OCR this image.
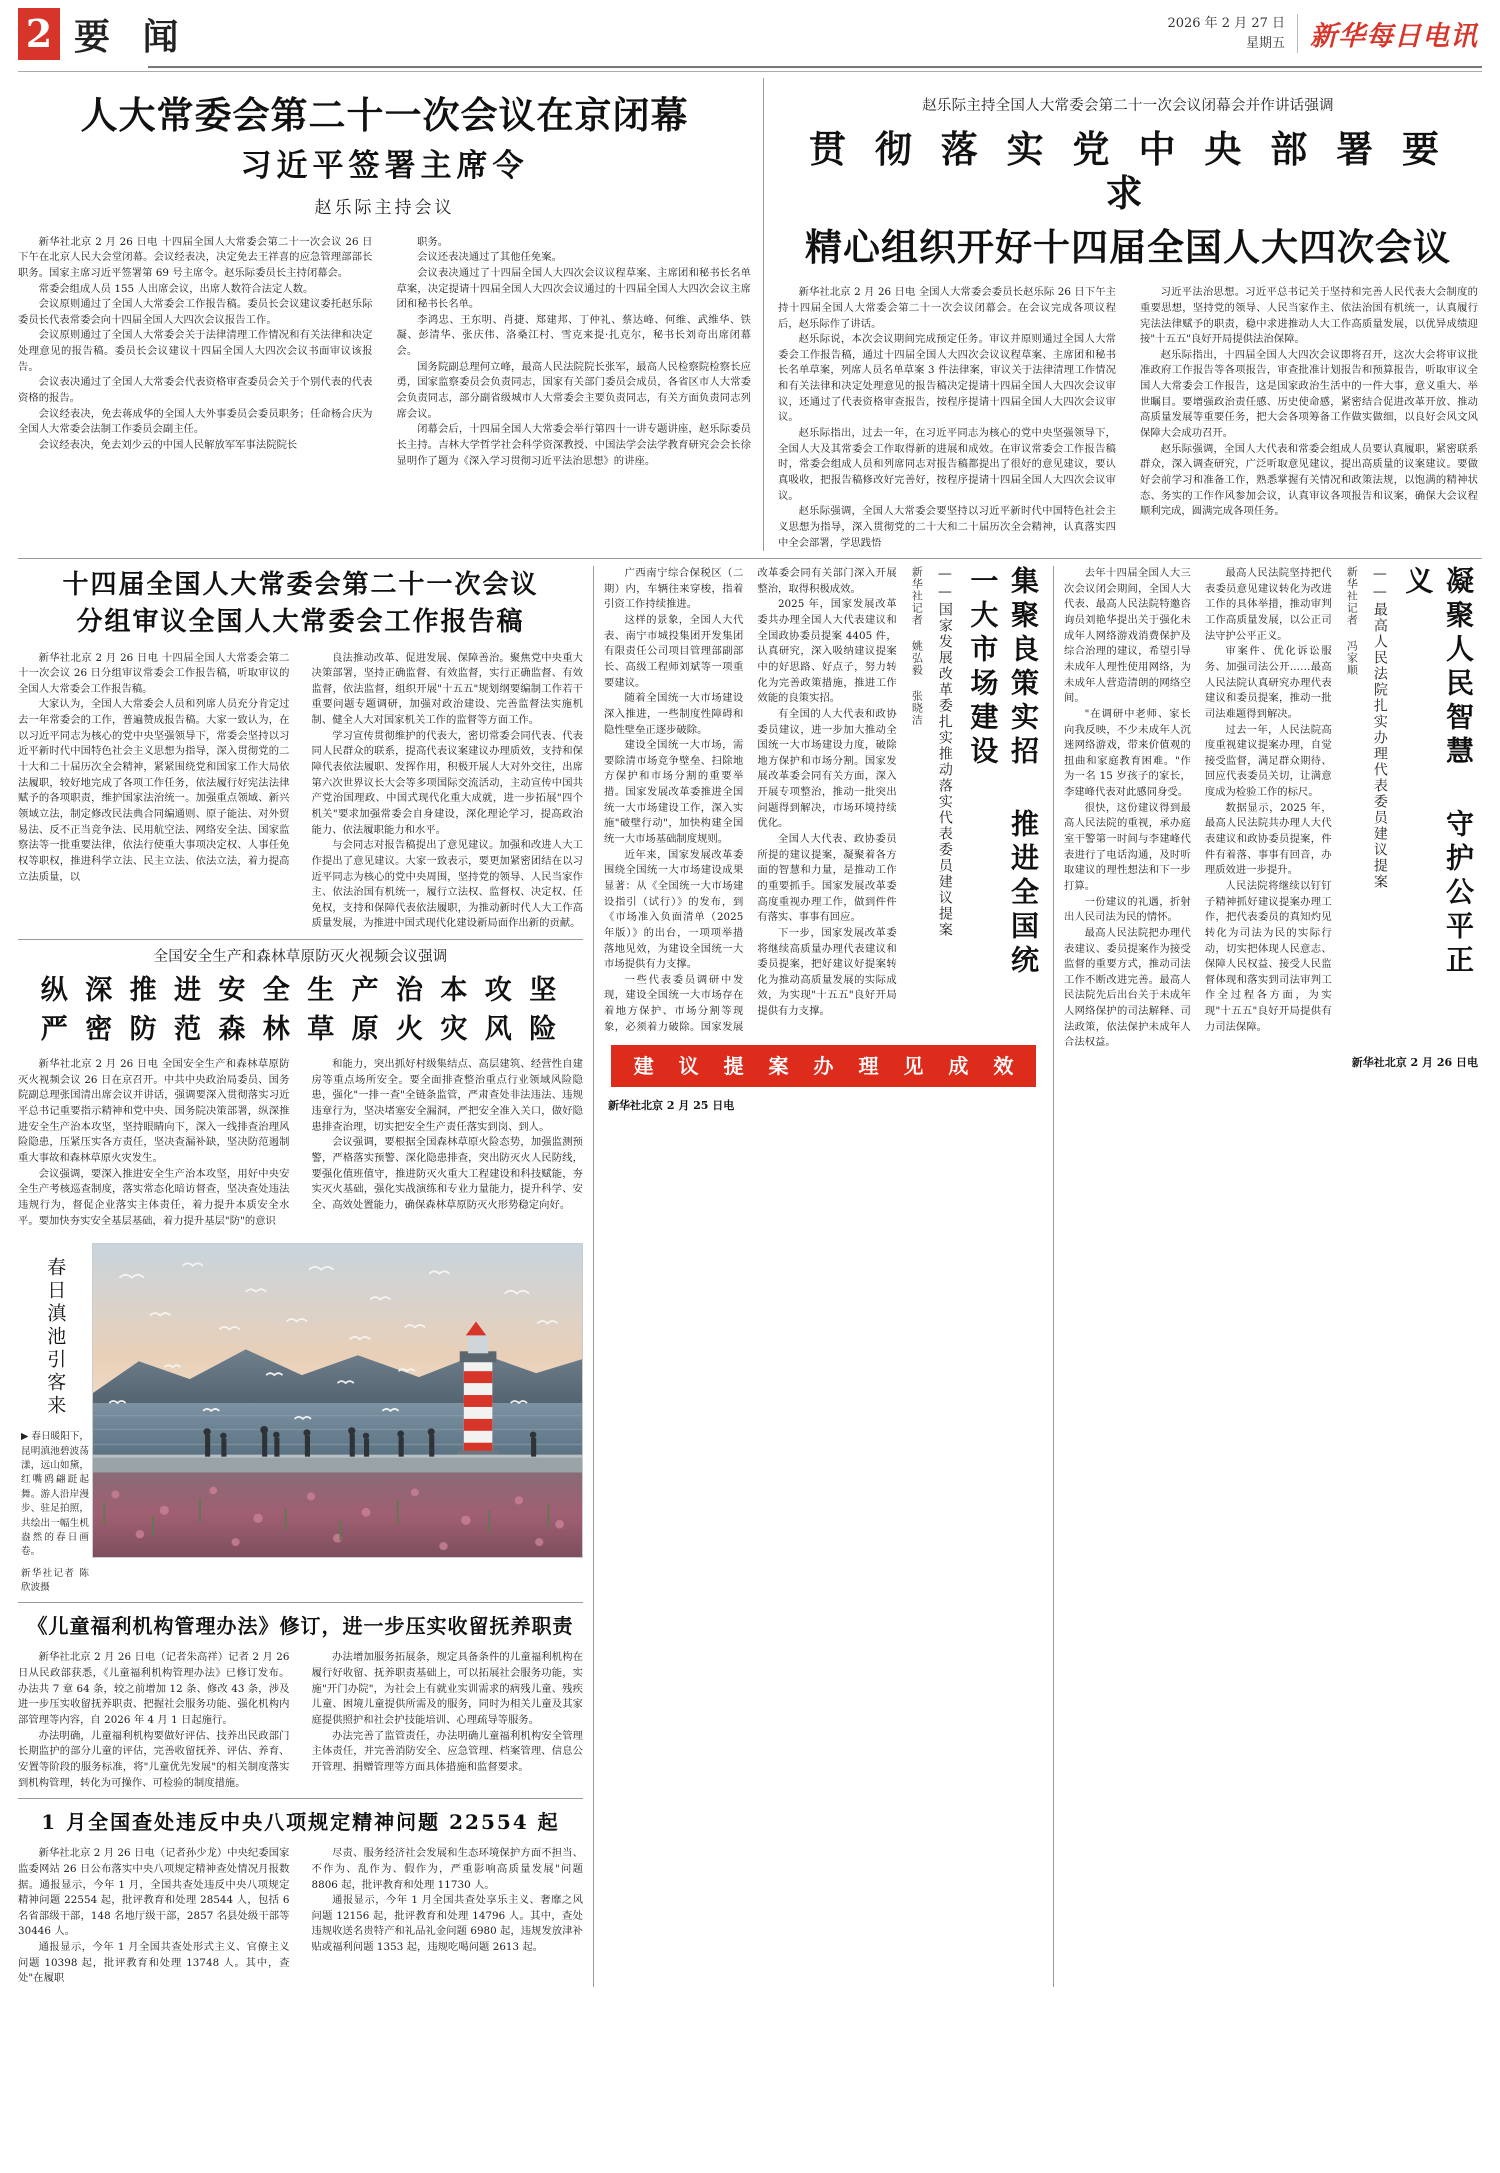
2 要 闻	2026 年 2 月 27 日
星期五 新华每日电讯
人大常委会第二十一次会议在京闭幕
习近平签署主席令
赵乐际主持会议

新华社北京 2 月 26 日电 十四届全国人大常委会第二十一次会议 26 日下午在北京人民大会堂闭幕。会议经表决，决定免去王祥喜的应急管理部部长职务。国家主席习近平签署第 69 号主席令。赵乐际委员长主持闭幕会。

常委会组成人员 155 人出席会议，出席人数符合法定人数。

会议原则通过了全国人大常委会工作报告稿。委员长会议建议委托赵乐际委员长代表常委会向十四届全国人大四次会议报告工作。

会议原则通过了全国人大常委会关于法律清理工作情况和有关法律和决定处理意见的报告稿。委员长会议建议十四届全国人大四次会议书面审议该报告。

会议表决通过了全国人大常委会代表资格审查委员会关于个别代表的代表资格的报告。

会议经表决，免去蒋成华的全国人大外事委员会委员职务；任命杨合庆为全国人大常委会法制工作委员会副主任。

会议经表决，免去刘少云的中国人民解放军军事法院院长

职务。

会议还表决通过了其他任免案。

会议表决通过了十四届全国人大四次会议议程草案、主席团和秘书长名单草案，决定提请十四届全国人大四次会议通过的十四届全国人大四次会议主席团和秘书长名单。

李鸿忠、王东明、肖捷、郑建邦、丁仲礼、蔡达峰、何维、武维华、铁凝、彭清华、张庆伟、洛桑江村、雪克来提·扎克尔，秘书长刘奇出席闭幕会。

国务院副总理何立峰，最高人民法院院长张军，最高人民检察院检察长应勇，国家监察委员会负责同志，国家有关部门委员会成员，各省区市人大常委会负责同志，部分副省级城市人大常委会主要负责同志，有关方面负责同志列席会议。

闭幕会后，十四届全国人大常委会举行第四十一讲专题讲座，赵乐际委员长主持。吉林大学哲学社会科学资深教授、中国法学会法学教育研究会会长徐显明作了题为《深入学习贯彻习近平法治思想》的讲座。

赵乐际主持全国人大常委会第二十一次会议闭幕会并作讲话强调
贯 彻 落 实 党 中 央 部 署 要 求
精心组织开好十四届全国人大四次会议

新华社北京 2 月 26 日电 全国人大常委会委员长赵乐际 26 日下午主持十四届全国人大常委会第二十一次会议闭幕会。在会议完成各项议程后，赵乐际作了讲话。

赵乐际说，本次会议期间完成预定任务。审议并原则通过全国人大常委会工作报告稿，通过十四届全国人大四次会议议程草案、主席团和秘书长名单草案，列席人员名单草案 3 件法律案，审议关于法律清理工作情况和有关法律和决定处理意见的报告稿决定提请十四届全国人大四次会议审议，还通过了代表资格审查报告，按程序提请十四届全国人大四次会议审议。

赵乐际指出，过去一年，在习近平同志为核心的党中央坚强领导下，全国人大及其常委会工作取得新的进展和成效。在审议常委会工作报告稿时，常委会组成人员和列席同志对报告稿都提出了很好的意见建议，要认真吸收，把报告稿修改好完善好，按程序提请十四届全国人大四次会议审议。

赵乐际强调，全国人大常委会要坚持以习近平新时代中国特色社会主义思想为指导，深入贯彻党的二十大和二十届历次全会精神，认真落实四中全会部署，学思践悟

习近平法治思想。习近平总书记关于坚持和完善人民代表大会制度的重要思想，坚持党的领导、人民当家作主、依法治国有机统一，认真履行宪法法律赋予的职责，稳中求进推动人大工作高质量发展，以优异成绩迎接"十五五"良好开局提供法治保障。

赵乐际指出，十四届全国人大四次会议即将召开，这次大会将审议批准政府工作报告等各项报告，审查批准计划报告和预算报告，听取审议全国人大常委会工作报告，这是国家政治生活中的一件大事，意义重大、举世瞩目。要增强政治责任感、历史使命感，紧密结合促进改革开放、推动高质量发展等重要任务，把大会各项筹备工作做实做细，以良好会风文风保障大会成功召开。

赵乐际强调，全国人大代表和常委会组成人员要认真履职，紧密联系群众，深入调查研究，广泛听取意见建议，提出高质量的议案建议。要做好会前学习和准备工作，熟悉掌握有关情况和政策法规，以饱满的精神状态、务实的工作作风参加会议，认真审议各项报告和议案，确保大会议程顺利完成，圆满完成各项任务。

十四届全国人大常委会第二十一次会议
分组审议全国人大常委会工作报告稿

新华社北京 2 月 26 日电 十四届全国人大常委会第二十一次会议 26 日分组审议常委会工作报告稿，听取审议的全国人大常委会工作报告稿。

大家认为，全国人大常委会人员和列席人员充分肯定过去一年常委会的工作，普遍赞成报告稿。大家一致认为，在以习近平同志为核心的党中央坚强领导下，常委会坚持以习近平新时代中国特色社会主义思想为指导，深入贯彻党的二十大和二十届历次全会精神，紧紧围绕党和国家工作大局依法履职，较好地完成了各项工作任务，依法履行好宪法法律赋予的各项职责，维护国家法治统一。加强重点领域、新兴领域立法，制定修改民法典合同编通则、原子能法、对外贸易法、反不正当竞争法、民用航空法、网络安全法、国家监察法等一批重要法律，依法行使重大事项决定权、人事任免权等职权，推进科学立法、民主立法、依法立法，着力提高立法质量，以

良法推动改革、促进发展、保障善治。聚焦党中央重大决策部署，坚持正确监督、有效监督，实行正确监督、有效监督，依法监督，组织开展"十五五"规划纲要编制工作若干重要问题专题调研，加强对政治建设、完善监督法实施机制、健全人大对国家机关工作的监督等方面工作。

学习宣传贯彻维护的代表大，密切常委会同代表、代表同人民群众的联系，提高代表议案建议办理质效，支持和保障代表依法履职、发挥作用，积极开展人大对外交往，出席第六次世界议长大会等多项国际交流活动，主动宣传中国共产党治国理政、中国式现代化重大成就，进一步拓展"四个机关"要求加强常委会自身建设，深化理论学习，提高政治能力、依法履职能力和水平。

与会同志对报告稿提出了意见建议。加强和改进人大工作提出了意见建议。大家一致表示，要更加紧密团结在以习近平同志为核心的党中央周围，坚持党的领导、人民当家作主、依法治国有机统一，履行立法权、监督权、决定权、任免权，支持和保障代表依法履职，为推动新时代人大工作高质量发展，为推进中国式现代化建设新局面作出新的贡献。

全国安全生产和森林草原防灭火视频会议强调
纵 深 推 进 安 全 生 产 治 本 攻 坚
严 密 防 范 森 林 草 原 火 灾 风 险

新华社北京 2 月 26 日电 全国安全生产和森林草原防灭火视频会议 26 日在京召开。中共中央政治局委员、国务院副总理张国清出席会议并讲话，强调要深入贯彻落实习近平总书记重要指示精神和党中央、国务院决策部署，纵深推进安全生产治本攻坚，坚持眼睛向下，深入一线排查治理风险隐患，压紧压实各方责任，坚决查漏补缺，坚决防范遏制重大事故和森林草原火灾发生。

会议强调，要深入推进安全生产治本攻坚，用好中央安全生产考核巡查制度，落实常态化暗访督查，坚决查处违法违规行为，督促企业落实主体责任，着力提升本质安全水平。要加快夯实安全基层基础，着力提升基层"防"的意识

和能力，突出抓好村级集结点、高层建筑、经营性自建房等重点场所安全。要全面排查整治重点行业领域风险隐患，强化"一排一查"全链条监管，严肃查处非法违法、违规违章行为，坚决堵塞安全漏洞，严把安全准入关口，做好隐患排查治理，切实把安全生产责任落实到岗、到人。

会议强调，要根据全国森林草原火险态势，加强监测预警，严格落实预警、深化隐患排查，突出防灭火人民防线，要强化值班值守，推进防灭火重大工程建设和科技赋能，夯实灭火基础，强化实战演练和专业力量能力，提升科学、安全、高效处置能力，确保森林草原防灭火形势稳定向好。

春日滇池引客来
▶ 春日暖阳下，昆明滇池碧波荡漾，远山如黛，红嘴鸥翩跹起舞。游人沿岸漫步、驻足拍照，共绘出一幅生机盎然的春日画卷。
新华社记者 陈欣波摄
《儿童福利机构管理办法》修订，进一步压实收留抚养职责

新华社北京 2 月 26 日电（记者朱高祥）记者 2 月 26 日从民政部获悉，《儿童福利机构管理办法》已修订发布。办法共 7 章 64 条，较之前增加 12 条、修改 43 条，涉及进一步压实收留抚养职责、把握社会服务功能、强化机构内部管理等内容，自 2026 年 4 月 1 日起施行。

办法明确，儿童福利机构要做好评估、技养出民政部门长期监护的部分儿童的评估，完善收留抚养、评估、养育、安置等阶段的服务标准，将"儿童优先发展"的相关制度落实到机构管理，转化为可操作、可检验的制度措施。

办法增加服务拓展条，规定具备条件的儿童福利机构在履行好收留、抚养职责基础上，可以拓展社会服务功能，实施"开门办院"，为社会上有就业实训需求的病残儿童、残疾儿童、困境儿童提供所需及的服务，同时为相关儿童及其家庭提供照护和社会护技能培训、心理疏导等服务。

办法完善了监管责任，办法明确儿童福利机构安全管理主体责任，并完善消防安全、应急管理、档案管理、信息公开管理、捐赠管理等方面具体措施和监督要求。

1 月全国查处违反中央八项规定精神问题 22554 起

新华社北京 2 月 26 日电（记者孙少龙）中央纪委国家监委网站 26 日公布落实中央八项规定精神查处情况月报数据。通报显示，今年 1 月，全国共查处违反中央八项规定精神问题 22554 起，批评教育和处理 28544 人，包括 6 名省部级干部，148 名地厅级干部，2857 名县处级干部等 30446 人。

通报显示，今年 1 月全国共查处形式主义、官僚主义问题 10398 起，批评教育和处理 13748 人。其中，查处"在履职

尽责、服务经济社会发展和生态环境保护方面不担当、不作为、乱作为、假作为，严重影响高质量发展"问题 8806 起，批评教育和处理 11730 人。

通报显示，今年 1 月全国共查处享乐主义、奢靡之风问题 12156 起，批评教育和处理 14796 人。其中，查处违规收送名贵特产和礼品礼金问题 6980 起，违规发放津补贴或福利问题 1353 起，违规吃喝问题 2613 起。

集聚良策实招 推进全国统一大市场建设
——国家发展改革委扎实推动落实代表委员建议提案
新华社记者 姚弘毅 张晓洁

广西南宁综合保税区（二期）内，车辆往来穿梭，指着引资工作持续推进。

这样的景象，全国人大代表、南宁市城投集团开发集团有限责任公司项目管理部副部长、高级工程师刘斌等一项重要建议。

随着全国统一大市场建设深入推进，一些制度性障碍和隐性壁垒正逐步破除。

建设全国统一大市场，需要除清市场竞争壁垒、扫除地方保护和市场分割的重要举措。国家发展改革委推进全国统一大市场建设工作，深入实施"破壁行动"，加快构建全国统一大市场基础制度规则。

近年来，国家发展改革委围绕全国统一大市场建设成果显著：从《全国统一大市场建设指引（试行）》的发布，到《市场准入负面清单（2025 年版）》的出台，一项项举措落地见效，为建设全国统一大市场提供有力支撑。

一些代表委员调研中发现，建设全国统一大市场存在着地方保护、市场分割等现象，必须着力破除。国家发展改革委会同有关部门深入开展整治，取得积极成效。

2025 年，国家发展改革委共办理全国人大代表建议和全国政协委员提案 4405 件，认真研究，深入吸纳建议提案中的好思路、好点子，努力转化为完善政策措施，推进工作效能的良策实招。

有全国的人大代表和政协委员建议，进一步加大推动全国统一大市场建设力度，破除地方保护和市场分割。国家发展改革委会同有关方面，深入开展专项整治，推动一批突出问题得到解决，市场环境持续优化。

全国人大代表、政协委员所提的建议提案，凝聚着各方面的智慧和力量，是推动工作的重要抓手。国家发展改革委高度重视办理工作，做到件件有落实、事事有回应。

下一步，国家发展改革委将继续高质量办理代表建议和委员提案，把好建议好提案转化为推动高质量发展的实际成效，为实现"十五五"良好开局提供有力支撑。

建 议 提 案 办 理 见 成 效
新华社北京 2 月 25 日电
凝聚人民智慧 守护公平正义
——最高人民法院扎实办理代表委员建议提案
新华社记者 冯家顺

去年十四届全国人大三次会议闭会期间，全国人大代表、最高人民法院特邀咨询员刘艳华提出关于强化未成年人网络游戏消费保护及综合治理的建议，希望引导未成年人理性使用网络，为未成年人营造清朗的网络空间。

"在调研中老师、家长向我反映，不少未成年人沉迷网络游戏，带来价值观的扭曲和家庭教育困难。"作为一名 15 岁孩子的家长，李建峰代表对此感同身受。

很快，这份建议得到最高人民法院的重视，承办庭室干警第一时间与李建峰代表进行了电话沟通，及时听取建议的理性想法和下一步打算。

一份建议的礼遇，折射出人民司法为民的情怀。

最高人民法院把办理代表建议、委员提案作为接受监督的重要方式，推动司法工作不断改进完善。最高人民法院先后出台关于未成年人网络保护的司法解释、司法政策，依法保护未成年人合法权益。

最高人民法院坚持把代表委员意见建议转化为改进工作的具体举措，推动审判工作高质量发展，以公正司法守护公平正义。

审案件、优化诉讼服务、加强司法公开……最高人民法院认真研究办理代表建议和委员提案，推动一批司法难题得到解决。

过去一年，人民法院高度重视建议提案办理，自觉接受监督，满足群众期待、回应代表委员关切，让满意度成为检验工作的标尺。

数据显示，2025 年，最高人民法院共办理人大代表建议和政协委员提案，件件有着落、事事有回音，办理质效进一步提升。

人民法院将继续以钉钉子精神抓好建议提案办理工作，把代表委员的真知灼见转化为司法为民的实际行动，切实把体现人民意志、保障人民权益、接受人民监督体现和落实到司法审判工作全过程各方面，为实现"十五五"良好开局提供有力司法保障。

新华社北京 2 月 26 日电
